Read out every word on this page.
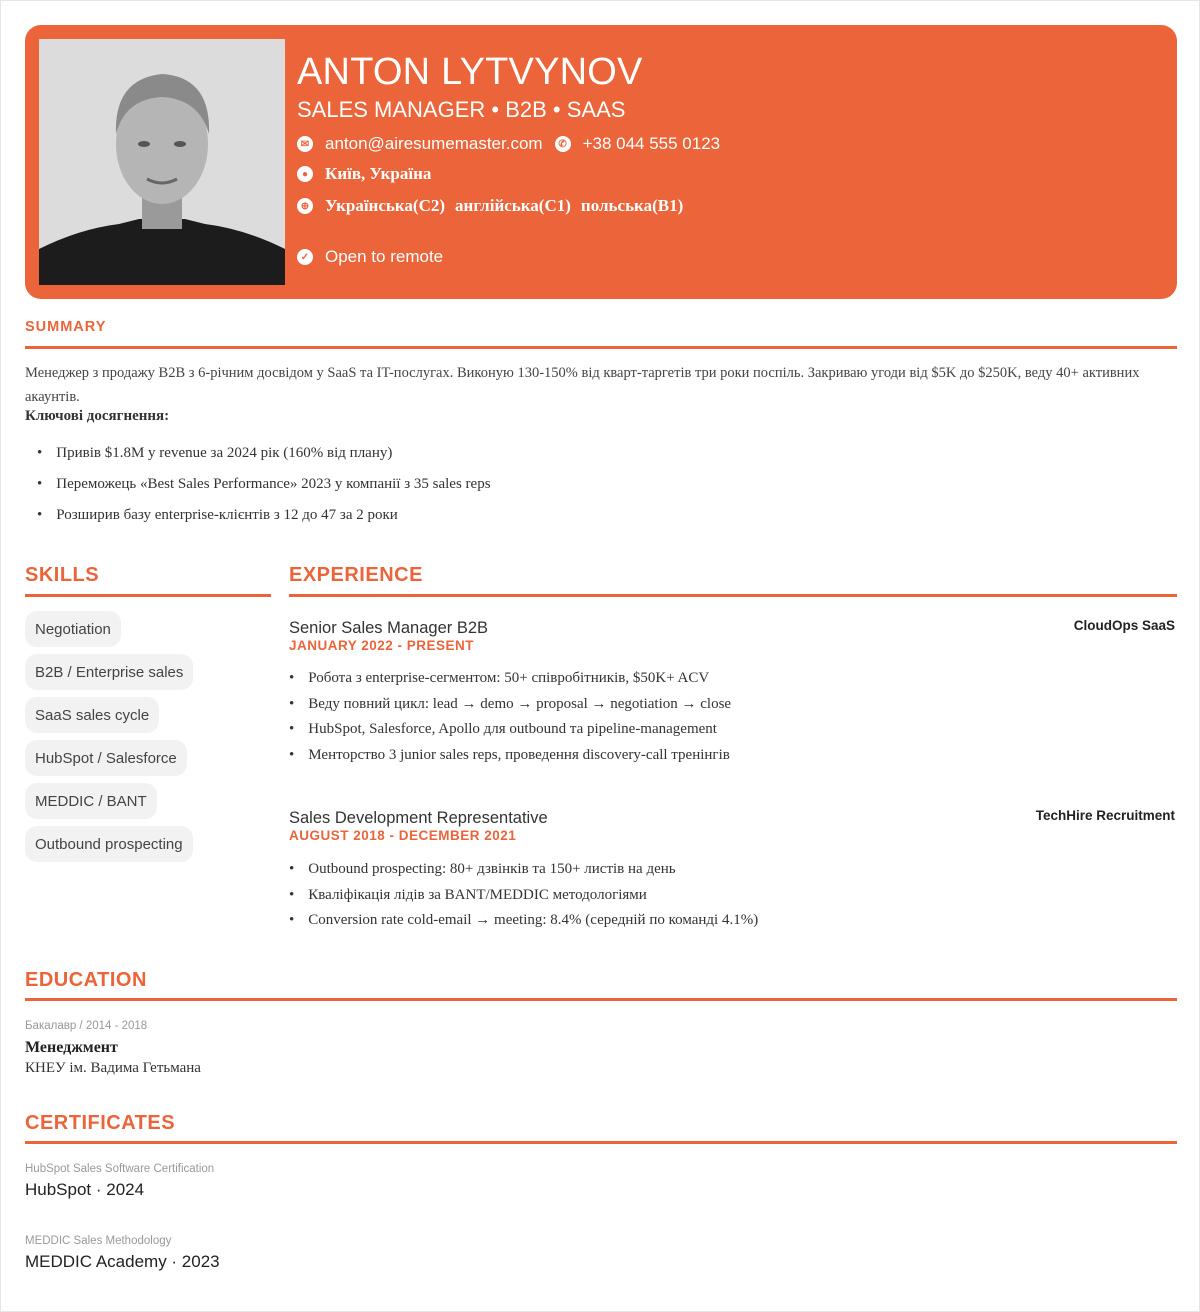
ANTON LYTVYNOV
SALES MANAGER • B2B • SAAS
✉ anton@airesumemaster.com	✆ +38 044 555 0123
● Київ, Україна
⊕ Українська(C2) англійська(C1) польська(B1)
✓ Open to remote
SUMMARY
Менеджер з продажу B2B з 6-річним досвідом у SaaS та IT-послугах. Виконую 130-150% від кварт-таргетів три роки поспіль. Закриваю угоди від $5K до $250K, веду 40+ активних акаунтів.
Ключові досягнення:
• Привів $1.8M у revenue за 2024 рік (160% від плану)
• Переможець «Best Sales Performance» 2023 у компанії з 35 sales reps
• Розширив базу enterprise-клієнтів з 12 до 47 за 2 роки
SKILLS
Negotiation
B2B / Enterprise sales
SaaS sales cycle
HubSpot / Salesforce
MEDDIC / BANT
Outbound prospecting
EXPERIENCE
Senior Sales Manager B2B
JANUARY 2022 - PRESENT
CloudOps SaaS
• Робота з enterprise-сегментом: 50+ співробітників, $50K+ ACV
• Веду повний цикл: lead → demo → proposal → negotiation → close
• HubSpot, Salesforce, Apollo для outbound та pipeline-management
• Менторство 3 junior sales reps, проведення discovery-call тренінгів
Sales Development Representative
AUGUST 2018 - DECEMBER 2021
TechHire Recruitment
• Outbound prospecting: 80+ дзвінків та 150+ листів на день
• Кваліфікація лідів за BANT/MEDDIC методологіями
• Conversion rate cold-email → meeting: 8.4% (середній по команді 4.1%)
EDUCATION
Бакалавр / 2014 - 2018
Менеджмент
КНЕУ ім. Вадима Гетьмана
CERTIFICATES
HubSpot Sales Software Certification
HubSpot · 2024
MEDDIC Sales Methodology
MEDDIC Academy · 2023
